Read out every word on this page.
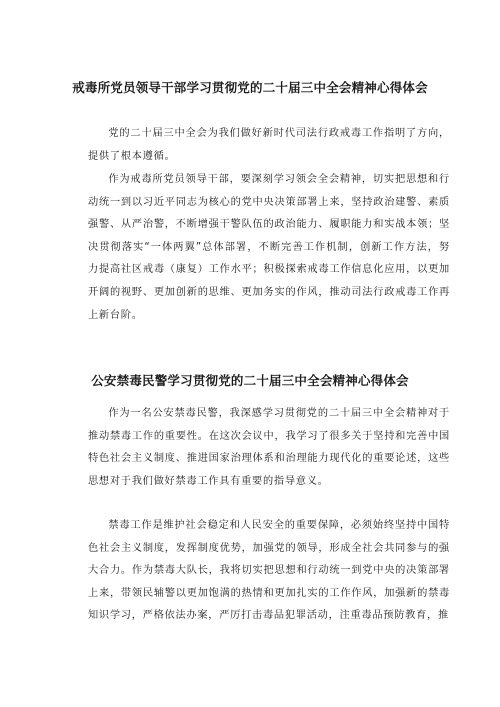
戒毒所党员领导干部学习贯彻党的二十届三中全会精神心得体会

党的二十届三中全会为我们做好新时代司法行政戒毒工作指明了方向，提供了根本遵循。

作为戒毒所党员领导干部，要深刻学习领会全会精神，切实把思想和行动统一到以习近平同志为核心的党中央决策部署上来，坚持政治建警、素质强警、从严治警，不断增强干警队伍的政治能力、履职能力和实战本领；坚决贯彻落实“一体两翼”总体部署，不断完善工作机制，创新工作方法，努力提高社区戒毒（康复）工作水平；积极探索戒毒工作信息化应用，以更加开阔的视野、更加创新的思维、更加务实的作风，推动司法行政戒毒工作再上新台阶。

公安禁毒民警学习贯彻党的二十届三中全会精神心得体会

作为一名公安禁毒民警，我深感学习贯彻党的二十届三中全会精神对于推动禁毒工作的重要性。在这次会议中，我学习了很多关于坚持和完善中国特色社会主义制度、推进国家治理体系和治理能力现代化的重要论述，这些思想对于我们做好禁毒工作具有重要的指导意义。

禁毒工作是维护社会稳定和人民安全的重要保障，必须始终坚持中国特色社会主义制度，发挥制度优势，加强党的领导，形成全社会共同参与的强大合力。作为禁毒大队长，我将切实把思想和行动统一到党中央的决策部署上来，带领民辅警以更加饱满的热情和更加扎实的工作作风，加强新的禁毒知识学习，严格依法办案，严厉打击毒品犯罪活动，注重毒品预防教育，推
